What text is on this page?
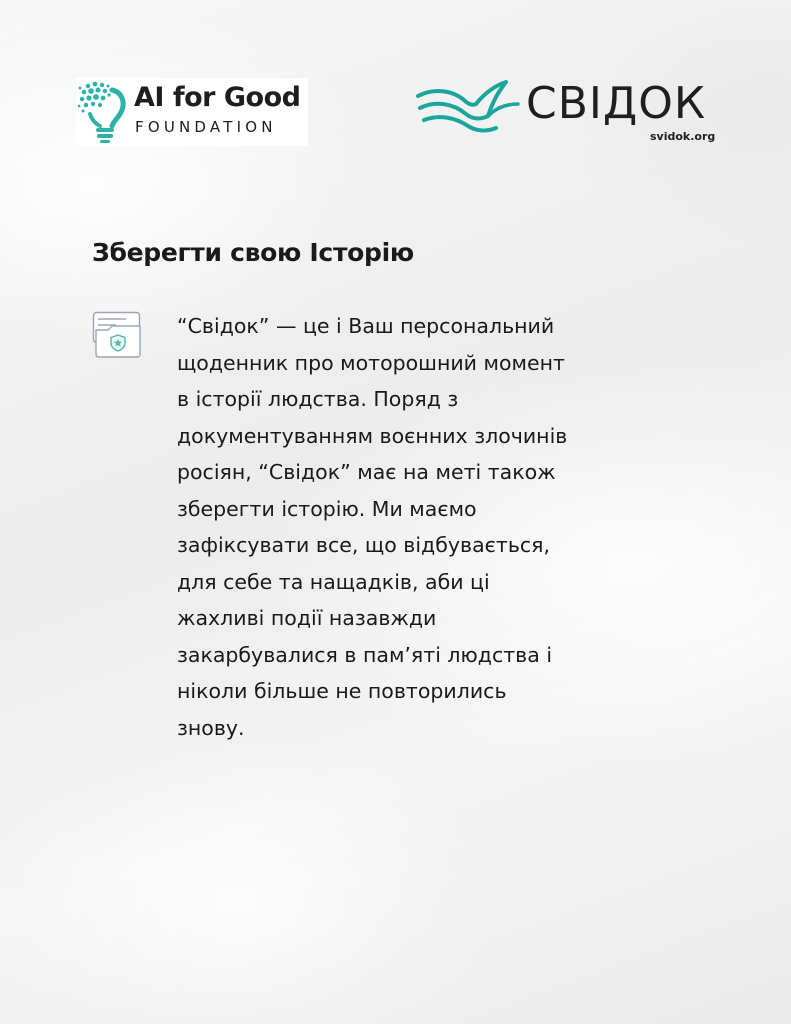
AI for Good
FOUNDATION	СВІДОК
svidok.org
Зберегти свою Історію

“Свідок” — це і Ваш персональний
щоденник про моторошний момент
в історії людства. Поряд з
документуванням воєнних злочинів
росіян, “Свідок” має на меті також
зберегти історію. Ми маємо
зафіксувати все, що відбувається,
для себе та нащадків, аби ці
жахливі події назавжди
закарбувалися в пам’яті людства і
ніколи більше не повторились
знову.
